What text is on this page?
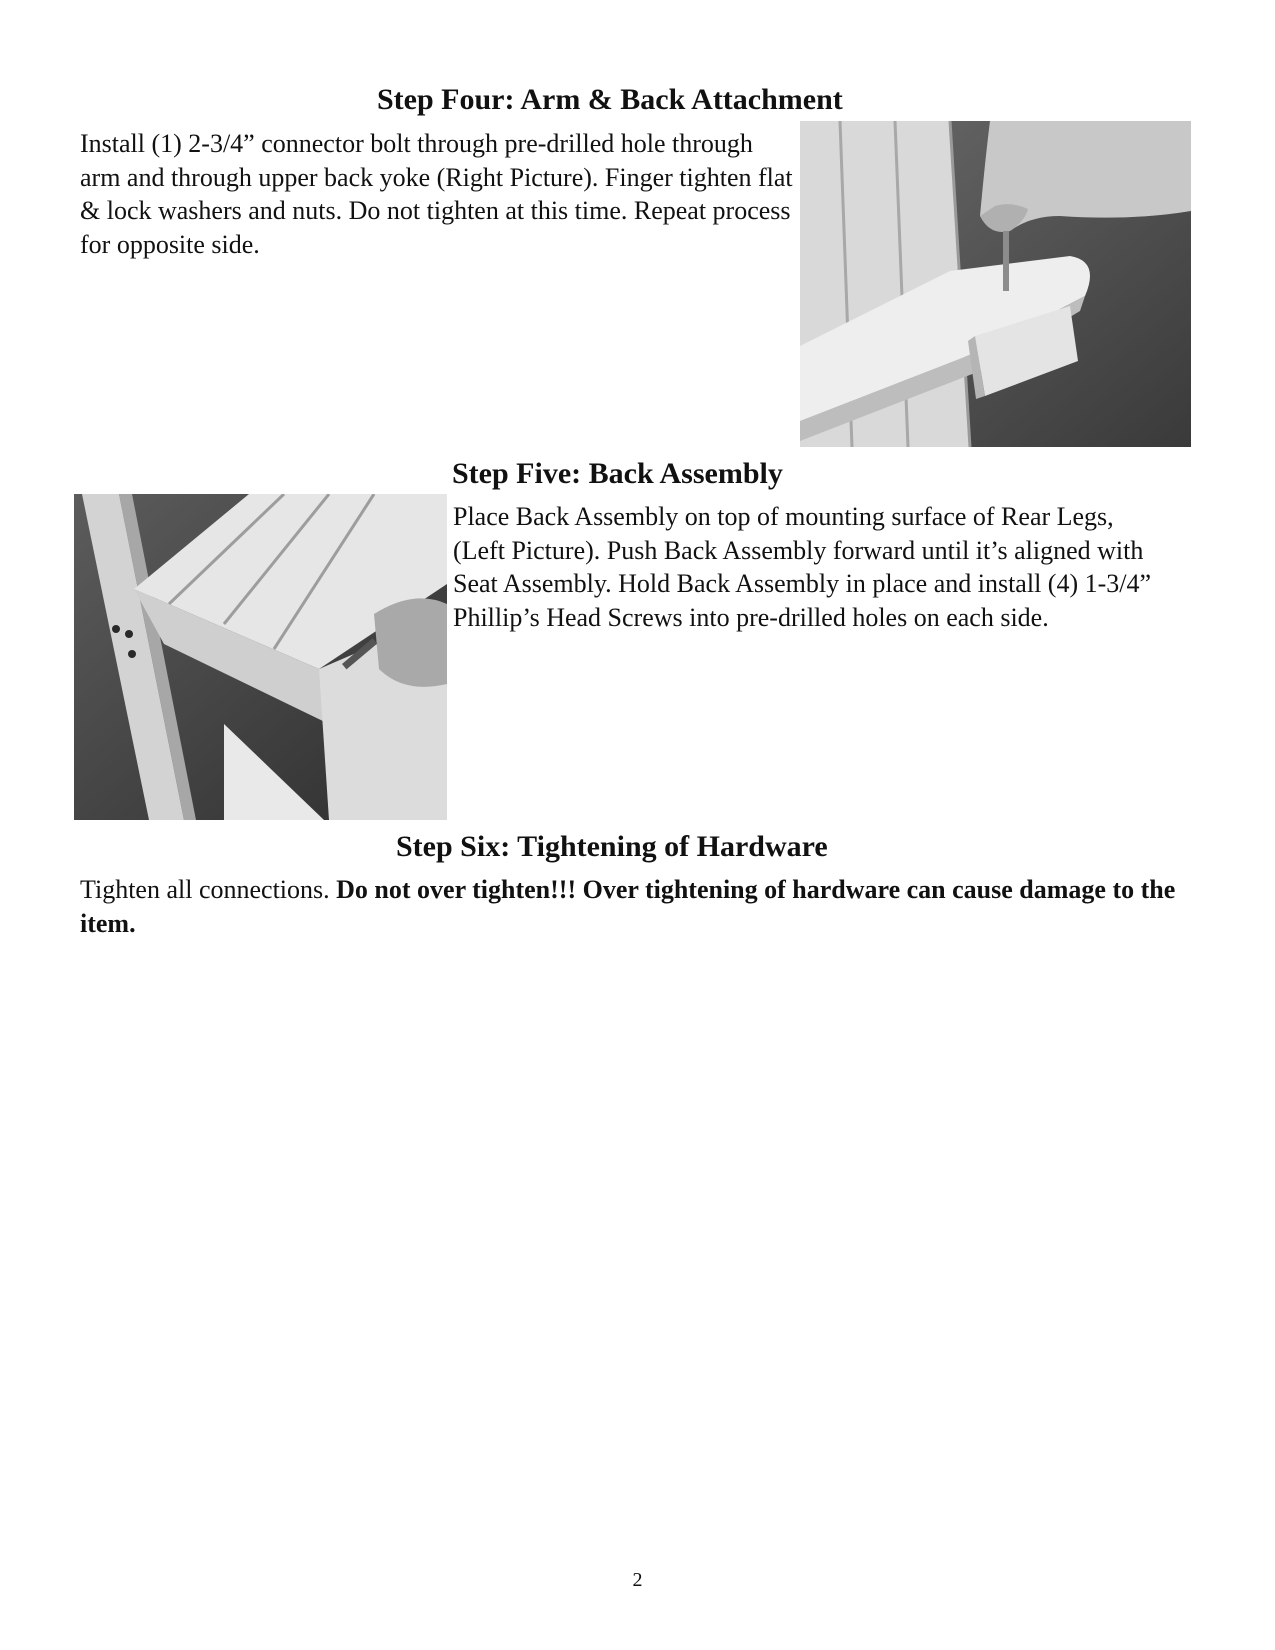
Step Four: Arm & Back Attachment

Install (1) 2-3/4” connector bolt through pre-drilled hole through arm and through upper back yoke (Right Picture). Finger tighten flat & lock washers and nuts. Do not tighten at this time. Repeat process for opposite side.

Step Five: Back Assembly

Place Back Assembly on top of mounting surface of Rear Legs, (Left Picture). Push Back Assembly forward until it’s aligned with Seat Assembly. Hold Back Assembly in place and install (4) 1-3/4” Phillip’s Head Screws into pre-drilled holes on each side.

Step Six: Tightening of Hardware

Tighten all connections. Do not over tighten!!! Over tightening of hardware can cause damage to the item.

2
